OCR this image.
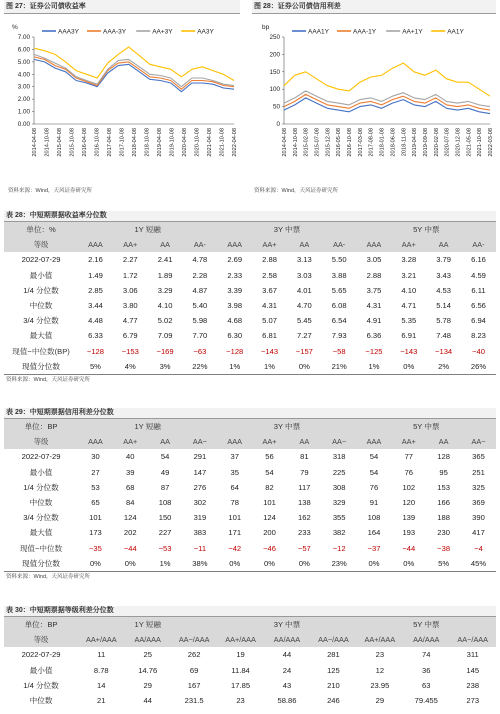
图 27：证券公司债收益率
AAA3Y	AAA-3Y	AA+3Y	AA3Y
%
7.00
6.00
5.00
4.00
3.00
2.00
1.00
0.00
2014-04-08 2014-10-08 2015-04-08 2015-10-08 2016-04-08 2016-10-08 2017-04-08 2017-10-08 2018-04-08 2018-10-08 2019-04-08 2019-10-08 2020-04-08 2020-10-08 2021-04-08 2021-10-08 2022-04-08
资料来源：Wind，天风证券研究所
图 28：证券公司债信用利差
AAA1Y	AAA-1Y	AA+1Y	AA1Y
bp
250
200
150
100
50
0
2014-04-08 2014-10-08 2015-02-08 2015-07-08 2015-12-08 2016-05-08 2016-10-08 2017-03-08 2017-08-08 2018-01-08 2018-06-08 2018-11-08 2019-04-08 2019-09-08 2020-02-08 2020-07-08 2020-12-08 2021-05-08 2021-10-08 2022-03-08
资料来源：Wind，天风证券研究所
表 28：中短期票据收益率分位数
单位：%	1Y 短融				3Y 中票				5Y 中票			
等级	AAA	AA+	AA	AA-	AAA	AA+	AA	AA-	AAA	AA+	AA	AA-
2022-07-29	2.16	2.27	2.41	4.78	2.69	2.88	3.13	5.50	3.05	3.28	3.79	6.16
最小值	1.49	1.72	1.89	2.28	2.33	2.58	3.03	3.88	2.88	3.21	3.43	4.59
1/4 分位数	2.85	3.06	3.29	4.87	3.39	3.67	4.01	5.65	3.75	4.10	4.53	6.11
中位数	3.44	3.80	4.10	5.40	3.98	4.31	4.70	6.08	4.31	4.71	5.14	6.56
3/4 分位数	4.48	4.77	5.02	5.98	4.68	5.07	5.45	6.54	4.91	5.35	5.78	6.94
最大值	6.33	6.79	7.09	7.70	6.30	6.81	7.27	7.93	6.36	6.91	7.48	8.23
现值−中位数(BP)	−128	−153	−169	−63	−128	−143	−157	−58	−125	−143	−134	−40
现值分位数	5%	4%	3%	22%	1%	1%	0%	21%	1%	0%	2%	26%
资料来源：Wind，天风证券研究所
表 29：中短期票据信用利差分位数
单位：BP	1Y 短融				3Y 中票				5Y 中票			
等级	AAA	AA+	AA	AA−	AAA	AA+	AA	AA−	AAA	AA+	AA	AA−
2022-07-29	30	40	54	291	37	56	81	318	54	77	128	365
最小值	27	39	49	147	35	54	79	225	54	76	95	251
1/4 分位数	53	68	87	276	64	82	117	308	76	102	153	325
中位数	65	84	108	302	78	101	138	329	91	120	166	369
3/4 分位数	101	124	150	319	101	124	162	355	108	139	188	390
最大值	173	202	227	383	171	200	233	382	164	193	230	417
现值−中位数	−35	−44	−53	−11	−42	−46	−57	−12	−37	−44	−38	−4
现值分位数	0%	0%	1%	38%	0%	0%	0%	23%	0%	0%	5%	45%
资料来源：Wind，天风证券研究所
表 30：中短期票据等级利差分位数
单位：BP	1Y 短融			3Y 中票			5Y 中票		
等级	AA+/AAA	AA/AAA	AA−/AAA	AA+/AAA	AA/AAA	AA−/AAA	AA+/AAA	AA/AAA	AA−/AAA
2022-07-29	11	25	262	19	44	281	23	74	311
最小值	8.78	14.76	69	11.84	24	125	12	36	145
1/4 分位数	14	29	167	17.85	43	210	23.95	63	238
中位数	21	44	231.5	23	58.86	246	29	79.455	273
